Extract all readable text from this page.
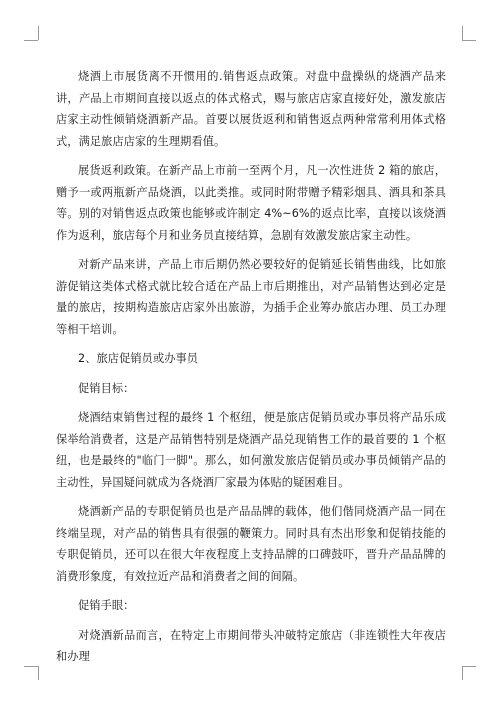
烧酒上市展货离不开惯用的.销售返点政策。对盘中盘操纵的烧酒产品来讲，产品上市期间直接以返点的体式格式，赐与旅店店家直接好处，激发旅店店家主动性倾销烧酒新产品。首要以展货返利和销售返点两种常常利用体式格式，满足旅店店家的生理期看值。

展货返利政策。在新产品上市前一至两个月，凡一次性进货 2 箱的旅店，赠予一或两瓶新产品烧酒，以此类推。或同时附带赠予精彩烟具、酒具和茶具等。别的对销售返点政策也能够或许制定 4%~6%的返点比率，直接以该烧酒作为返利，旅店每个月和业务员直接结算，急剧有效激发旅店家主动性。

对新产品来讲，产品上市后期仍然必要较好的促销延长销售曲线，比如旅游促销这类体式格式就比较合适在产品上市后期推出，对产品销售达到必定是量的旅店，按期构造旅店店家外出旅游，为插手企业筹办旅店办理、员工办理等相干培训。

2、旅店促销员或办事员

促销目标：

烧酒结束销售过程的最终 1 个枢纽，便是旅店促销员或办事员将产品乐成保举给消费者，这是产品销售特别是烧酒产品兑现销售工作的最首要的 1 个枢纽，也是最终的"临门一脚"。那么，如何激发旅店促销员或办事员倾销产品的主动性，异国疑问就成为各烧酒厂家最为体贴的疑困难目。

烧酒新产品的专职促销员也是产品品牌的载体，他们偕同烧酒产品一同在终端呈现，对产品的销售具有很强的鞭策力。同时具有杰出形象和促销技能的专职促销员，还可以在很大年夜程度上支持品牌的口碑鼓吓，晋升产品品牌的消费形象度，有效拉近产品和消费者之间的间隔。

促销手眼：

对烧酒新品而言，在特定上市期间带头冲破特定旅店（非连锁性大年夜店和办理
